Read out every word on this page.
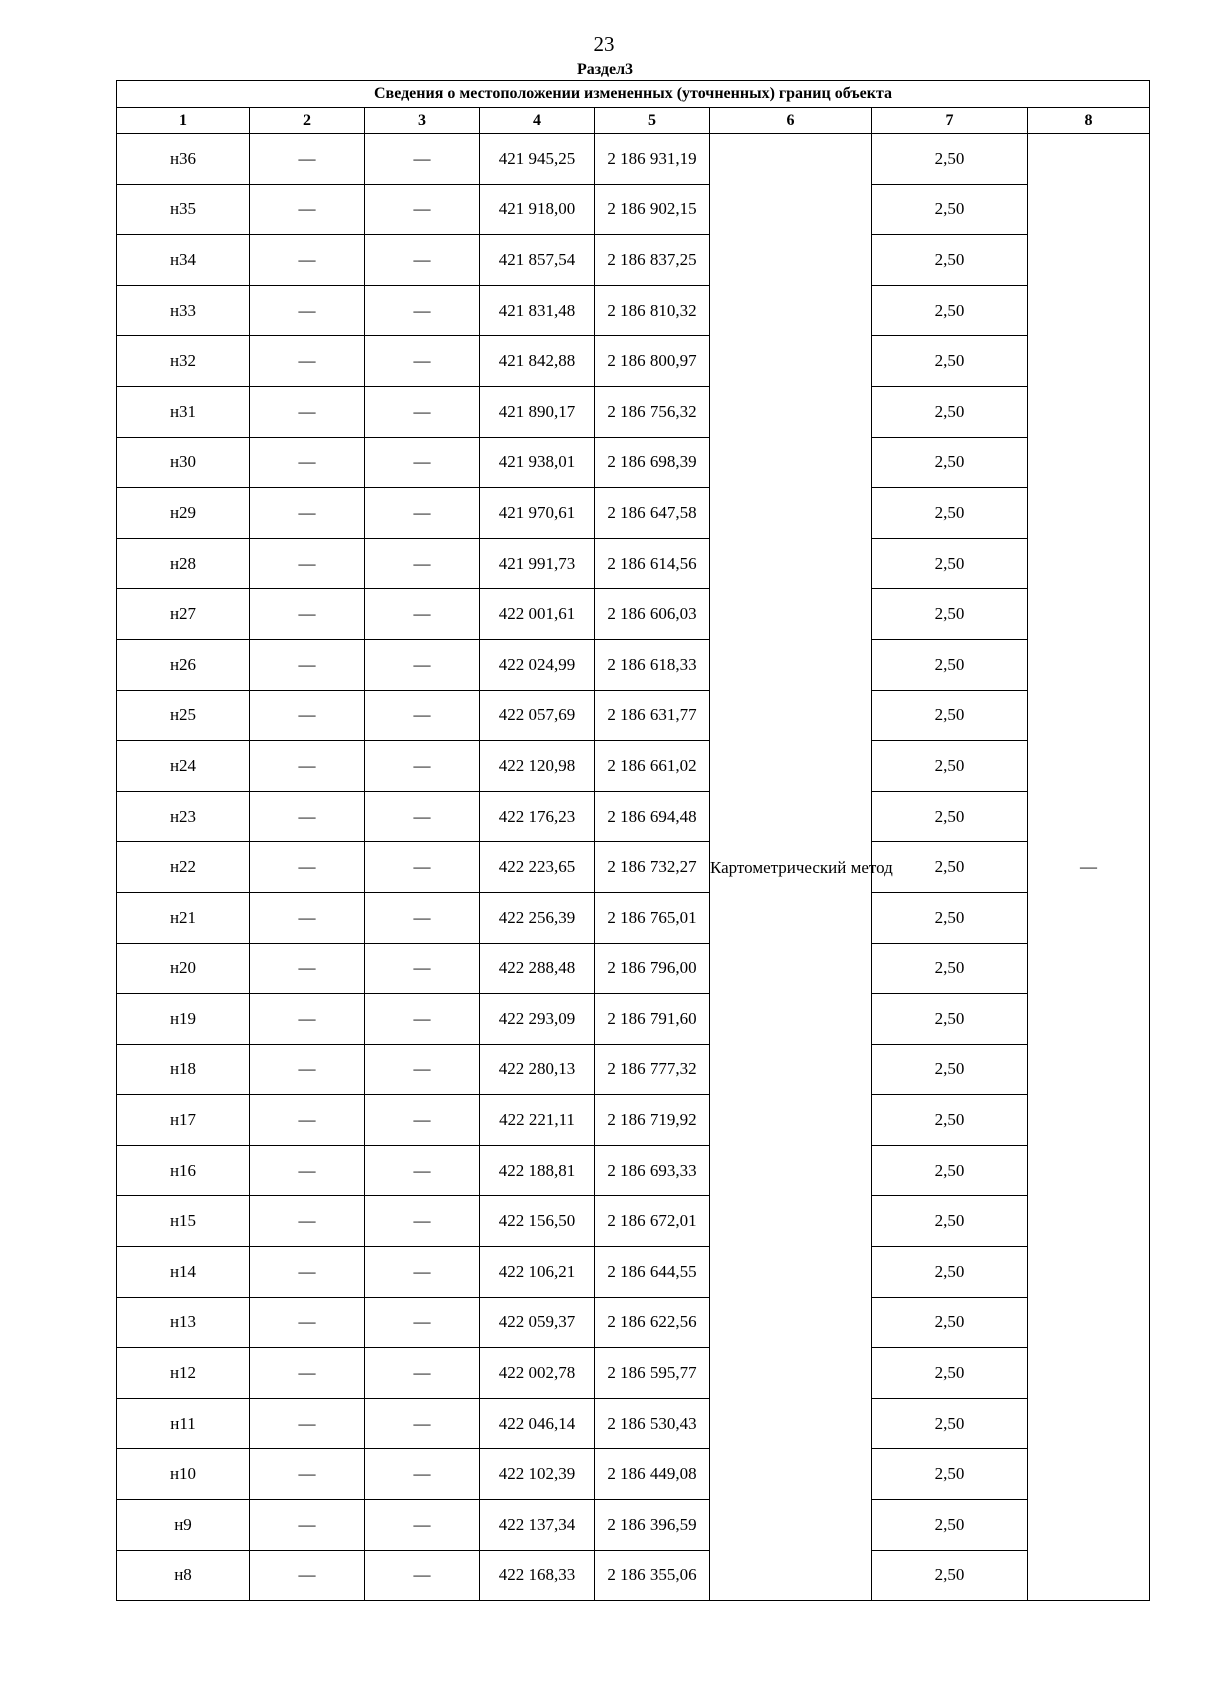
23
Раздел3
Сведения о местоположении измененных (уточненных) границ объекта							
1	2	3	4	5	6	7	8
н36	—	—	421 945,25	2 186 931,19	Картометрический метод	2,50	—
н35	—	—	421 918,00	2 186 902,15		2,50	
н34	—	—	421 857,54	2 186 837,25		2,50	
н33	—	—	421 831,48	2 186 810,32		2,50	
н32	—	—	421 842,88	2 186 800,97		2,50	
н31	—	—	421 890,17	2 186 756,32		2,50	
н30	—	—	421 938,01	2 186 698,39		2,50	
н29	—	—	421 970,61	2 186 647,58		2,50	
н28	—	—	421 991,73	2 186 614,56		2,50	
н27	—	—	422 001,61	2 186 606,03		2,50	
н26	—	—	422 024,99	2 186 618,33		2,50	
н25	—	—	422 057,69	2 186 631,77		2,50	
н24	—	—	422 120,98	2 186 661,02		2,50	
н23	—	—	422 176,23	2 186 694,48		2,50	
н22	—	—	422 223,65	2 186 732,27		2,50	
н21	—	—	422 256,39	2 186 765,01		2,50	
н20	—	—	422 288,48	2 186 796,00		2,50	
н19	—	—	422 293,09	2 186 791,60		2,50	
н18	—	—	422 280,13	2 186 777,32		2,50	
н17	—	—	422 221,11	2 186 719,92		2,50	
н16	—	—	422 188,81	2 186 693,33		2,50	
н15	—	—	422 156,50	2 186 672,01		2,50	
н14	—	—	422 106,21	2 186 644,55		2,50	
н13	—	—	422 059,37	2 186 622,56		2,50	
н12	—	—	422 002,78	2 186 595,77		2,50	
н11	—	—	422 046,14	2 186 530,43		2,50	
н10	—	—	422 102,39	2 186 449,08		2,50	
н9	—	—	422 137,34	2 186 396,59		2,50	
н8	—	—	422 168,33	2 186 355,06		2,50	
